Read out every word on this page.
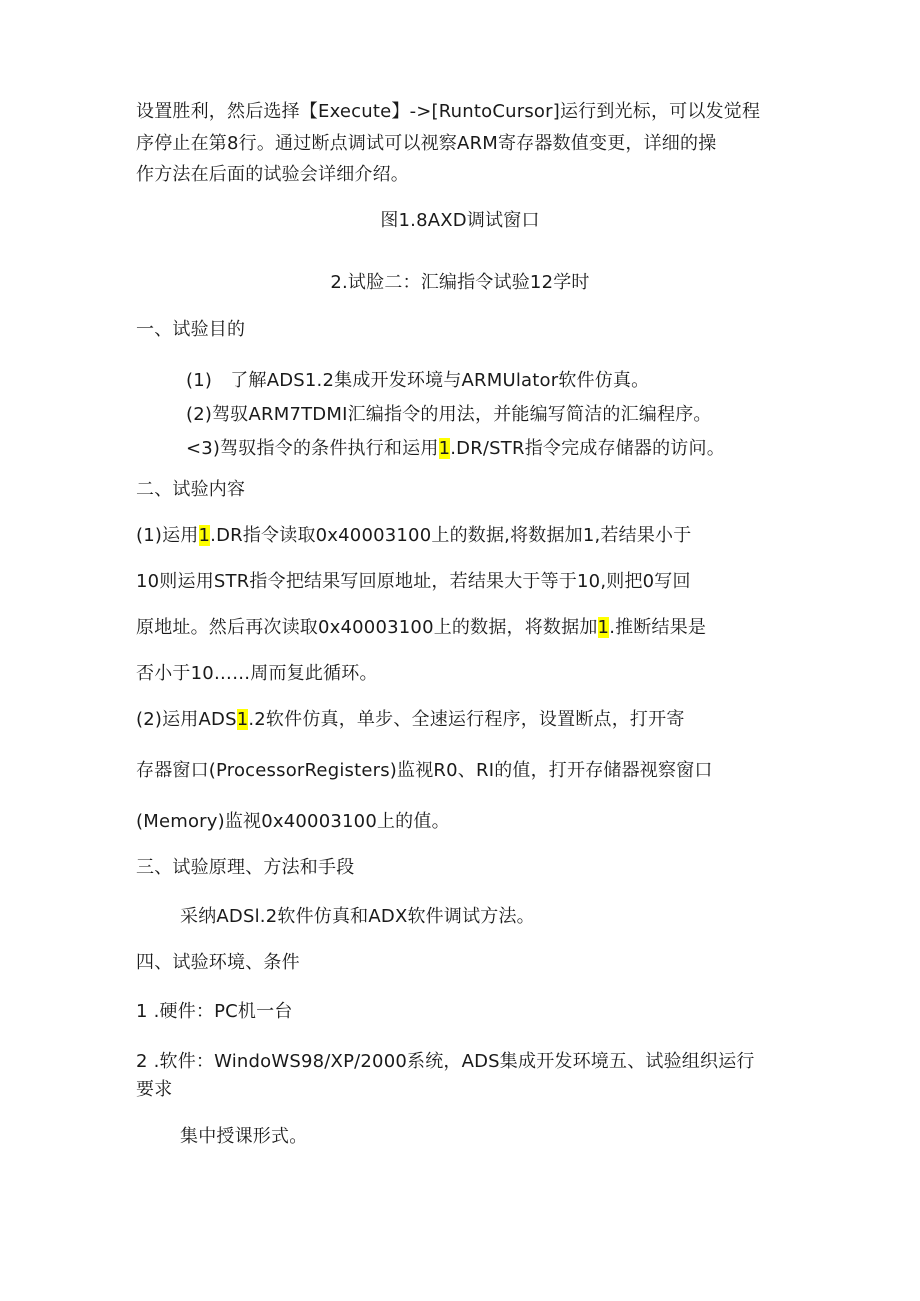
设置胜利，然后选择【Execute】->[RuntoCursor]运行到光标，可以发觉程
序停止在第8行。通过断点调试可以视察ARM寄存器数值变更，详细的操
作方法在后面的试验会详细介绍。
图1.8AXD调试窗口
2.试脸二：汇编指令试验12学时
一、试验目的
(1)　了解ADS1.2集成开发环境与ARMUlator软件仿真。
(2)驾驭ARM7TDMI汇编指令的用法，并能编写简洁的汇编程序。
<3)驾驭指令的条件执行和运用1.DR/STR指令完成存储器的访问。
二、试验内容
(1)运用1.DR指令读取0x40003100上的数据,将数据加1,若结果小于
10则运用STR指令把结果写回原地址，若结果大于等于10,则把0写回
原地址。然后再次读取0x40003100上的数据，将数据加1.推断结果是
否小于10……周而复此循环。
(2)运用ADS1.2软件仿真，单步、全速运行程序，设置断点，打开寄
存器窗口(ProcessorRegisters)监视R0、RI的值，打开存储器视察窗口
(Memory)监视0x40003100上的值。
三、试验原理、方法和手段
采纳ADSl.2软件仿真和ADX软件调试方法。
四、试验环境、条件
1 .硬件：PC机一台
2 .软件：WindoWS98/XP/2000系统，ADS集成开发环境五、试验组织运行
要求
集中授课形式。
